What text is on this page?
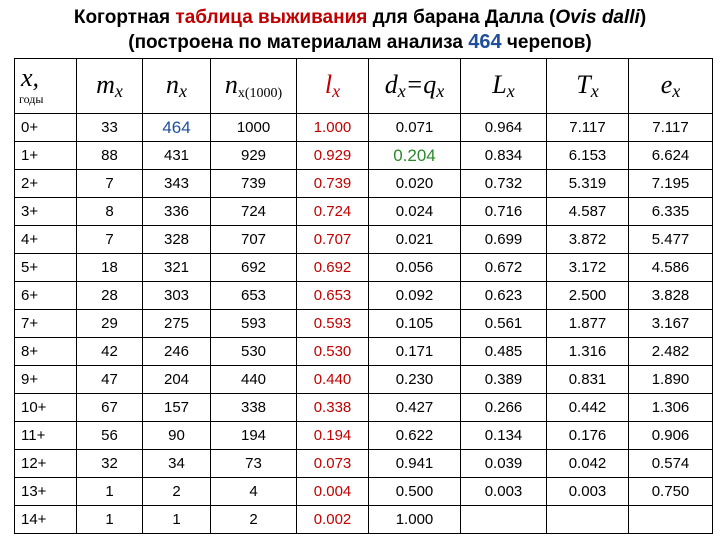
Когортная таблица выживания для барана Далла (Ovis dalli)
(построена по материалам анализа 464 черепов)
x,
годы	$m_x$	$n_x$	$n_{x(1000)}$	$l_x$	$d_x=q_x$	$L_x$	$T_x$	$e_x$
0+	33	464	1000	1.000	0.071	0.964	7.117	7.117
1+	88	431	929	0.929	0.204	0.834	6.153	6.624
2+	7	343	739	0.739	0.020	0.732	5.319	7.195
3+	8	336	724	0.724	0.024	0.716	4.587	6.335
4+	7	328	707	0.707	0.021	0.699	3.872	5.477
5+	18	321	692	0.692	0.056	0.672	3.172	4.586
6+	28	303	653	0.653	0.092	0.623	2.500	3.828
7+	29	275	593	0.593	0.105	0.561	1.877	3.167
8+	42	246	530	0.530	0.171	0.485	1.316	2.482
9+	47	204	440	0.440	0.230	0.389	0.831	1.890
10+	67	157	338	0.338	0.427	0.266	0.442	1.306
11+	56	90	194	0.194	0.622	0.134	0.176	0.906
12+	32	34	73	0.073	0.941	0.039	0.042	0.574
13+	1	2	4	0.004	0.500	0.003	0.003	0.750
14+	1	1	2	0.002	1.000			
